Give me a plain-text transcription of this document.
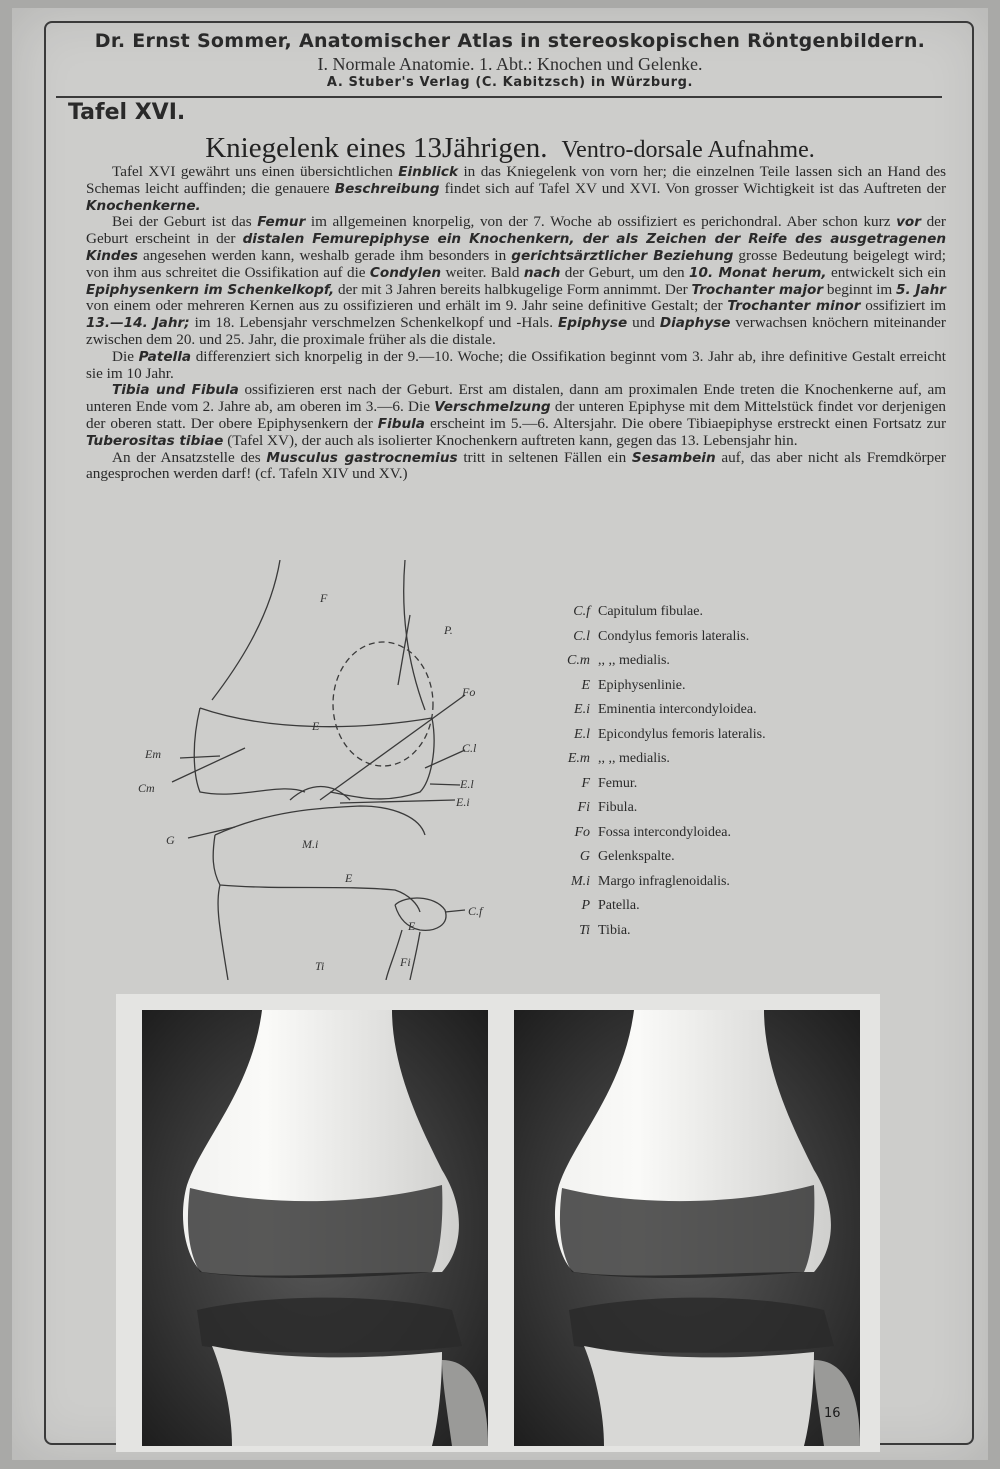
Dr. Ernst Sommer, Anatomischer Atlas in stereoskopischen Röntgenbildern.
I. Normale Anatomie. 1. Abt.: Knochen und Gelenke.
A. Stuber's Verlag (C. Kabitzsch) in Würzburg.
Tafel XVI.
Kniegelenk eines 13Jährigen. Ventro-dorsale Aufnahme.

Tafel XVI gewährt uns einen übersichtlichen Einblick in das Kniegelenk von vorn her; die einzelnen Teile lassen sich an Hand des Schemas leicht auffinden; die genauere Beschreibung findet sich auf Tafel XV und XVI. Von grosser Wichtigkeit ist das Auftreten der Knochenkerne.

Bei der Geburt ist das Femur im allgemeinen knorpelig, von der 7. Woche ab ossifiziert es perichondral. Aber schon kurz vor der Geburt erscheint in der distalen Femurepiphyse ein Knochenkern, der als Zeichen der Reife des ausgetragenen Kindes angesehen werden kann, weshalb gerade ihm besonders in gerichtsärztlicher Beziehung grosse Bedeutung beigelegt wird; von ihm aus schreitet die Ossifikation auf die Condylen weiter. Bald nach der Geburt, um den 10. Monat herum, entwickelt sich ein Epiphysenkern im Schenkelkopf, der mit 3 Jahren bereits halbkugelige Form annimmt. Der Trochanter major beginnt im 5. Jahr von einem oder mehreren Kernen aus zu ossifizieren und erhält im 9. Jahr seine definitive Gestalt; der Trochanter minor ossifiziert im 13.—14. Jahr; im 18. Lebensjahr verschmelzen Schenkelkopf und -Hals. Epiphyse und Diaphyse verwachsen knöchern miteinander zwischen dem 20. und 25. Jahr, die proximale früher als die distale.

Die Patella differenziert sich knorpelig in der 9.—10. Woche; die Ossifikation beginnt vom 3. Jahr ab, ihre definitive Gestalt erreicht sie im 10 Jahr.

Tibia und Fibula ossifizieren erst nach der Geburt. Erst am distalen, dann am proximalen Ende treten die Knochenkerne auf, am unteren Ende vom 2. Jahre ab, am oberen im 3.—6. Die Verschmelzung der unteren Epiphyse mit dem Mittelstück findet vor derjenigen der oberen statt. Der obere Epiphysenkern der Fibula erscheint im 5.—6. Altersjahr. Die obere Tibiaepiphyse erstreckt einen Fortsatz zur Tuberositas tibiae (Tafel XV), der auch als isolierter Knochenkern auftreten kann, gegen das 13. Lebensjahr hin.

An der Ansatzstelle des Musculus gastrocnemius tritt in seltenen Fällen ein Sesambein auf, das aber nicht als Fremdkörper angesprochen werden darf! (cf. Tafeln XIV und XV.)

F
P.
Fo
E
C.l
Em
Cm	E.l
E.i
G	M.i
E
C.f
E
Ti	Fi
C.f Capitulum fibulae.
C.l Condylus femoris lateralis.
C.m ,, ,, medialis.
E Epiphysenlinie.
E.i Eminentia intercondyloidea.
E.l Epicondylus femoris lateralis.
E.m ,, ,, medialis.
F Femur.
Fi Fibula.
Fo Fossa intercondyloidea.
G Gelenkspalte.
M.i Margo infraglenoidalis.
P Patella.
Ti Tibia.
16
